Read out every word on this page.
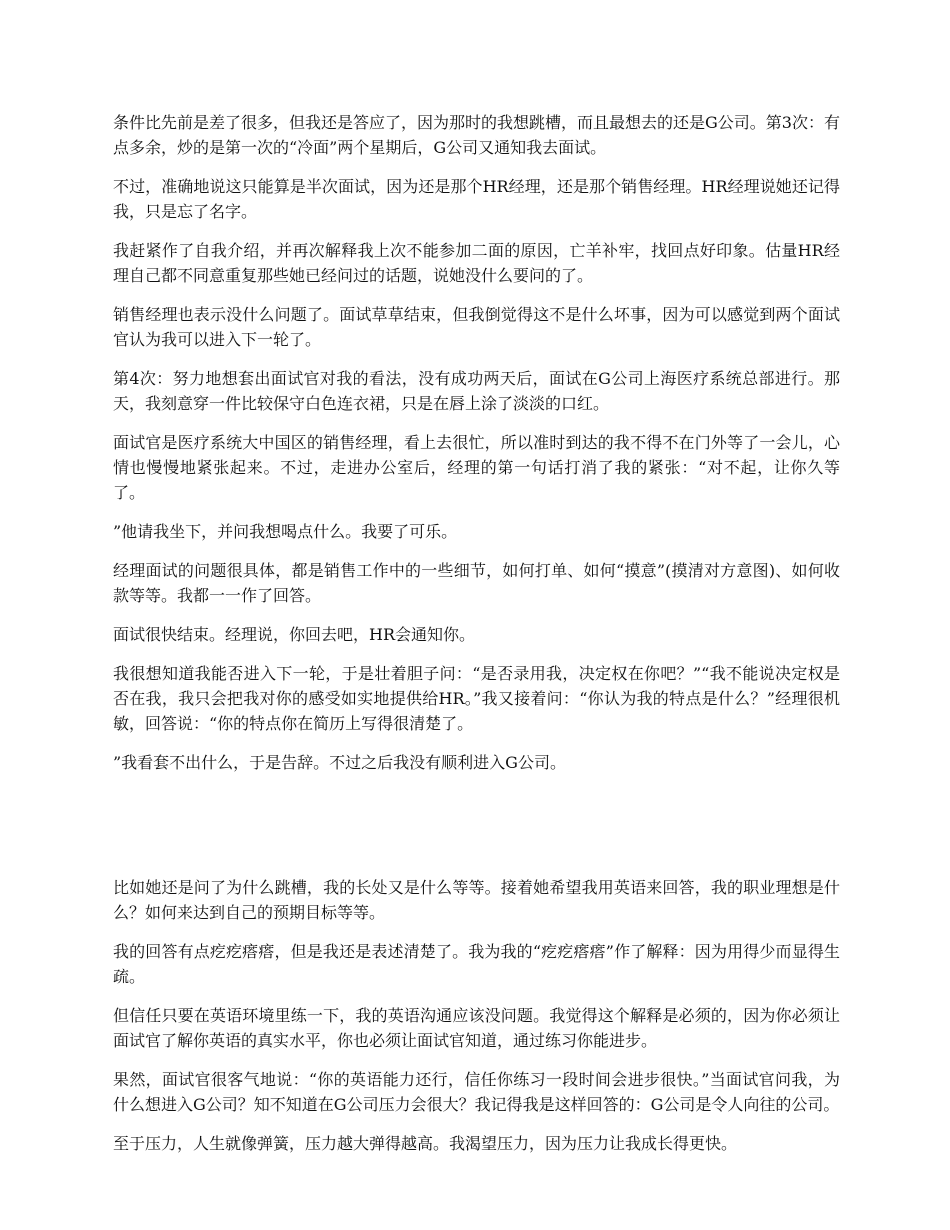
条件比先前是差了很多，但我还是答应了，因为那时的我想跳槽，而且最想去的还是G公司。第3次：有点多余，炒的是第一次的“冷面”两个星期后，G公司又通知我去面试。

不过，准确地说这只能算是半次面试，因为还是那个HR经理，还是那个销售经理。HR经理说她还记得我，只是忘了名字。

我赶紧作了自我介绍，并再次解释我上次不能参加二面的原因，亡羊补牢，找回点好印象。估量HR经理自己都不同意重复那些她已经问过的话题，说她没什么要问的了。

销售经理也表示没什么问题了。面试草草结束，但我倒觉得这不是什么坏事，因为可以感觉到两个面试官认为我可以进入下一轮了。

第4次：努力地想套出面试官对我的看法，没有成功两天后，面试在G公司上海医疗系统总部进行。那天，我刻意穿一件比较保守白色连衣裙，只是在唇上涂了淡淡的口红。

面试官是医疗系统大中国区的销售经理，看上去很忙，所以准时到达的我不得不在门外等了一会儿，心情也慢慢地紧张起来。不过，走进办公室后，经理的第一句话打消了我的紧张：“对不起，让你久等了。

”他请我坐下，并问我想喝点什么。我要了可乐。

经理面试的问题很具体，都是销售工作中的一些细节，如何打单、如何“摸意”(摸清对方意图)、如何收款等等。我都一一作了回答。

面试很快结束。经理说，你回去吧，HR会通知你。

我很想知道我能否进入下一轮，于是壮着胆子问：“是否录用我，决定权在你吧？”“我不能说决定权是否在我，我只会把我对你的感受如实地提供给HR。”我又接着问：“你认为我的特点是什么？”经理很机敏，回答说：“你的特点你在简历上写得很清楚了。

”我看套不出什么，于是告辞。不过之后我没有顺利进入G公司。

比如她还是问了为什么跳槽，我的长处又是什么等等。接着她希望我用英语来回答，我的职业理想是什么？如何来达到自己的预期目标等等。

我的回答有点疙疙瘩瘩，但是我还是表述清楚了。我为我的“疙疙瘩瘩”作了解释：因为用得少而显得生疏。

但信任只要在英语环境里练一下，我的英语沟通应该没问题。我觉得这个解释是必须的，因为你必须让面试官了解你英语的真实水平，你也必须让面试官知道，通过练习你能进步。

果然，面试官很客气地说：“你的英语能力还行，信任你练习一段时间会进步很快。”当面试官问我，为什么想进入G公司？知不知道在G公司压力会很大？我记得我是这样回答的：G公司是令人向往的公司。

至于压力，人生就像弹簧，压力越大弹得越高。我渴望压力，因为压力让我成长得更快。
